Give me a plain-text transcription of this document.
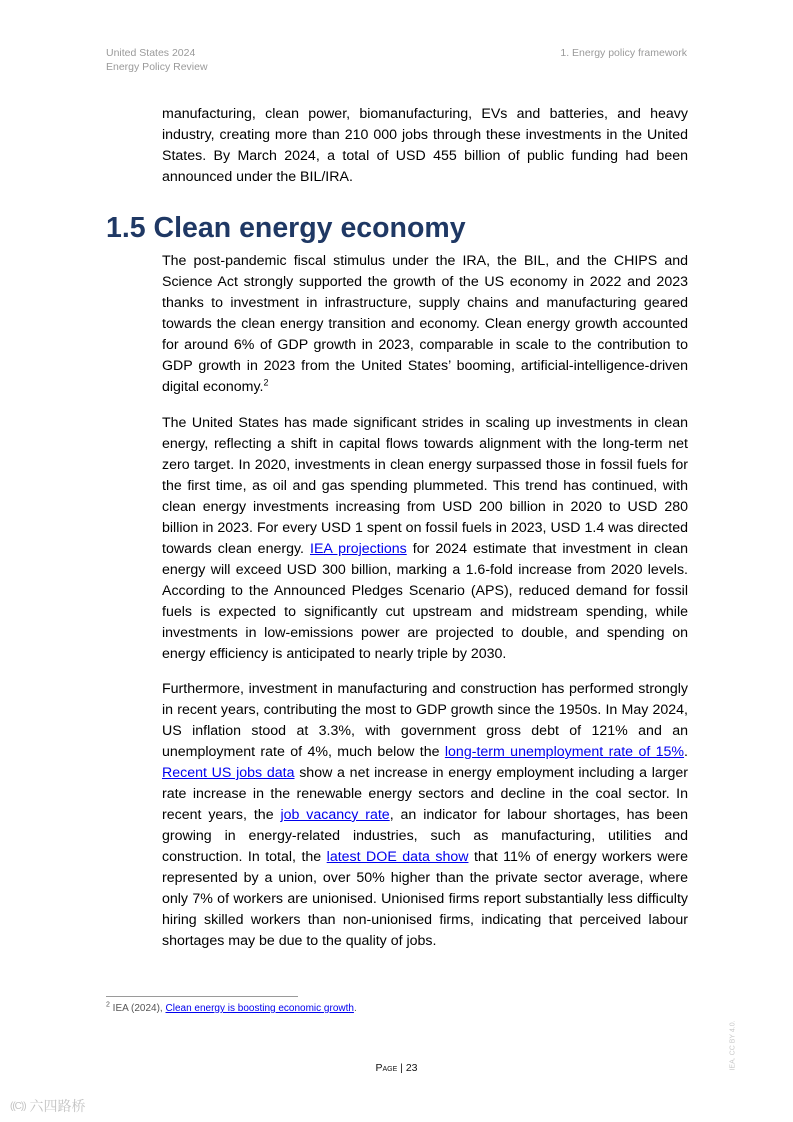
United States 2024
Energy Policy Review
1. Energy policy framework

manufacturing, clean power, biomanufacturing, EVs and batteries, and heavy industry, creating more than 210 000 jobs through these investments in the United States. By March 2024, a total of USD 455 billion of public funding had been announced under the BIL/IRA.

1.5 Clean energy economy

The post-pandemic fiscal stimulus under the IRA, the BIL, and the CHIPS and Science Act strongly supported the growth of the US economy in 2022 and 2023 thanks to investment in infrastructure, supply chains and manufacturing geared towards the clean energy transition and economy. Clean energy growth accounted for around 6% of GDP growth in 2023, comparable in scale to the contribution to GDP growth in 2023 from the United States’ booming, artificial-intelligence-driven digital economy.$^2$

The United States has made significant strides in scaling up investments in clean energy, reflecting a shift in capital flows towards alignment with the long-term net zero target. In 2020, investments in clean energy surpassed those in fossil fuels for the first time, as oil and gas spending plummeted. This trend has continued, with clean energy investments increasing from USD 200 billion in 2020 to USD 280 billion in 2023. For every USD 1 spent on fossil fuels in 2023, USD 1.4 was directed towards clean energy. IEA projections for 2024 estimate that investment in clean energy will exceed USD 300 billion, marking a 1.6-fold increase from 2020 levels. According to the Announced Pledges Scenario (APS), reduced demand for fossil fuels is expected to significantly cut upstream and midstream spending, while investments in low-emissions power are projected to double, and spending on energy efficiency is anticipated to nearly triple by 2030.

Furthermore, investment in manufacturing and construction has performed strongly in recent years, contributing the most to GDP growth since the 1950s. In May 2024, US inflation stood at 3.3%, with government gross debt of 121% and an unemployment rate of 4%, much below the long-term unemployment rate of 15%. Recent US jobs data show a net increase in energy employment including a larger rate increase in the renewable energy sectors and decline in the coal sector. In recent years, the job vacancy rate, an indicator for labour shortages, has been growing in energy-related industries, such as manufacturing, utilities and construction. In total, the latest DOE data show that 11% of energy workers were represented by a union, over 50% higher than the private sector average, where only 7% of workers are unionised. Unionised firms report substantially less difficulty hiring skilled workers than non-unionised firms, indicating that perceived labour shortages may be due to the quality of jobs.

$^2$ IEA (2024), Clean energy is boosting economic growth.
Page | 23	IEA. CC BY 4.0.
((C)) 六四路桥
